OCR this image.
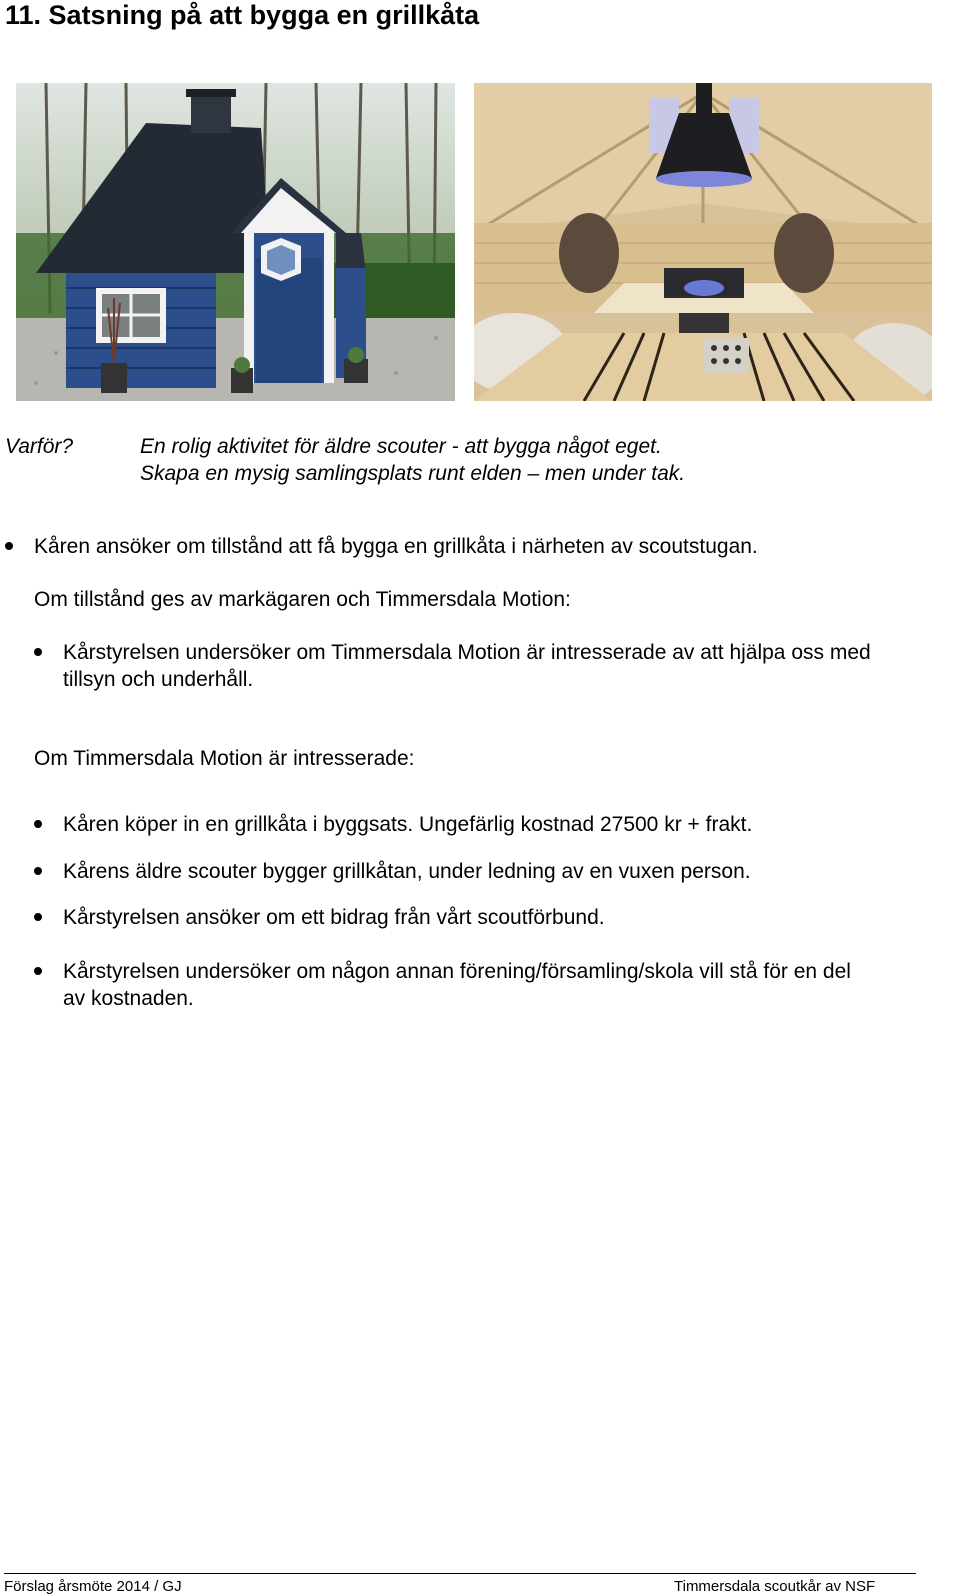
11. Satsning på att bygga en grillkåta
Varför?	En rolig aktivitet för äldre scouter - att bygga något eget.
Skapa en mysig samlingsplats runt elden – men under tak.
Kåren ansöker om tillstånd att få bygga en grillkåta i närheten av scoutstugan.
Om tillstånd ges av markägaren och Timmersdala Motion:
Kårstyrelsen undersöker om Timmersdala Motion är intresserade av att hjälpa oss med
tillsyn och underhåll.
Om Timmersdala Motion är intresserade:
Kåren köper in en grillkåta i byggsats. Ungefärlig kostnad 27500 kr + frakt.
Kårens äldre scouter bygger grillkåtan, under ledning av en vuxen person.
Kårstyrelsen ansöker om ett bidrag från vårt scoutförbund.
Kårstyrelsen undersöker om någon annan förening/församling/skola vill stå för en del
av kostnaden.
Förslag årsmöte 2014 / GJ	Timmersdala scoutkår av NSF
